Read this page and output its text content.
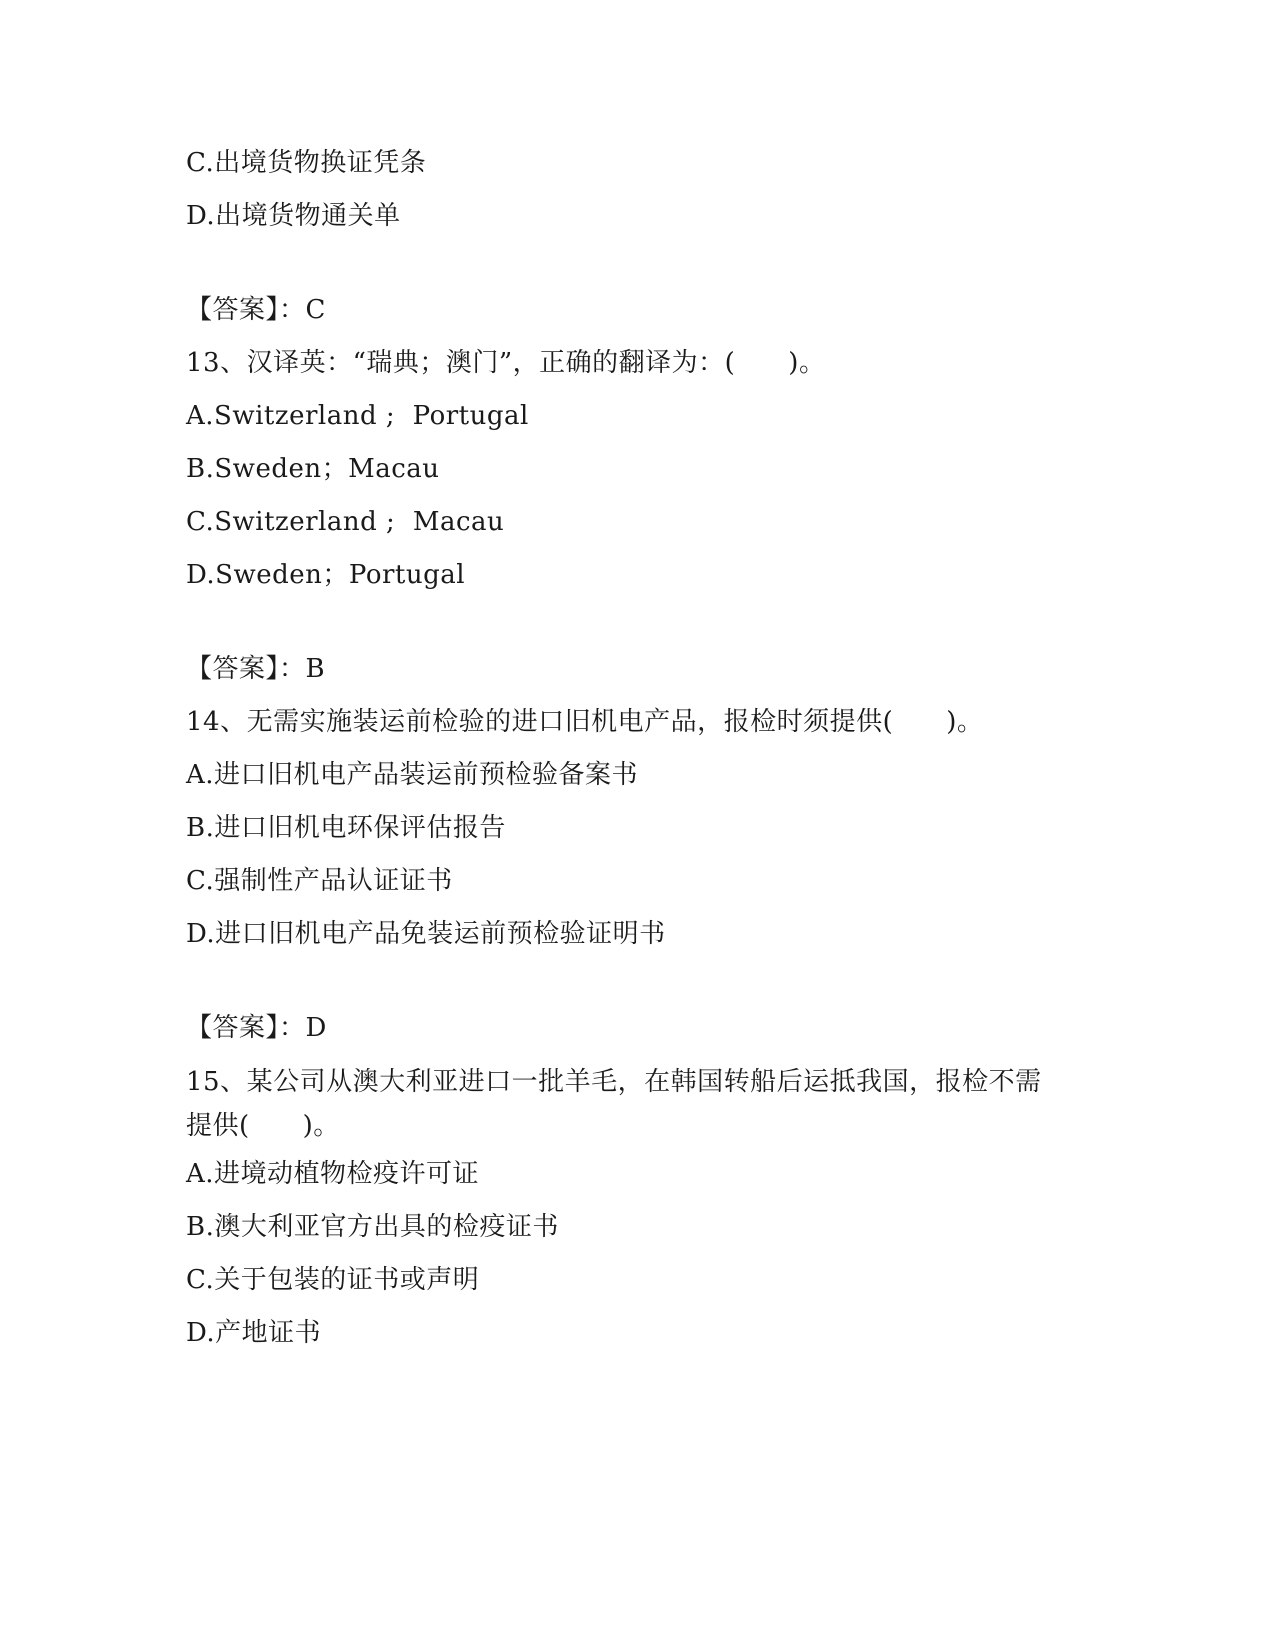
C.出境货物换证凭条
D.出境货物通关单
【答案】：C
13、汉译英：“瑞典；澳门”，正确的翻译为：(　　)。
A.Switzerland ;  Portugal
B.Sweden；Macau
C.Switzerland ;  Macau
D.Sweden；Portugal
【答案】：B
14、无需实施装运前检验的进口旧机电产品，报检时须提供(　　)。
A.进口旧机电产品装运前预检验备案书
B.进口旧机电环保评估报告
C.强制性产品认证证书
D.进口旧机电产品免装运前预检验证明书
【答案】：D
15、某公司从澳大利亚进口一批羊毛，在韩国转船后运抵我国，报检不需提供(　　)。
A.进境动植物检疫许可证
B.澳大利亚官方出具的检疫证书
C.关于包装的证书或声明
D.产地证书
